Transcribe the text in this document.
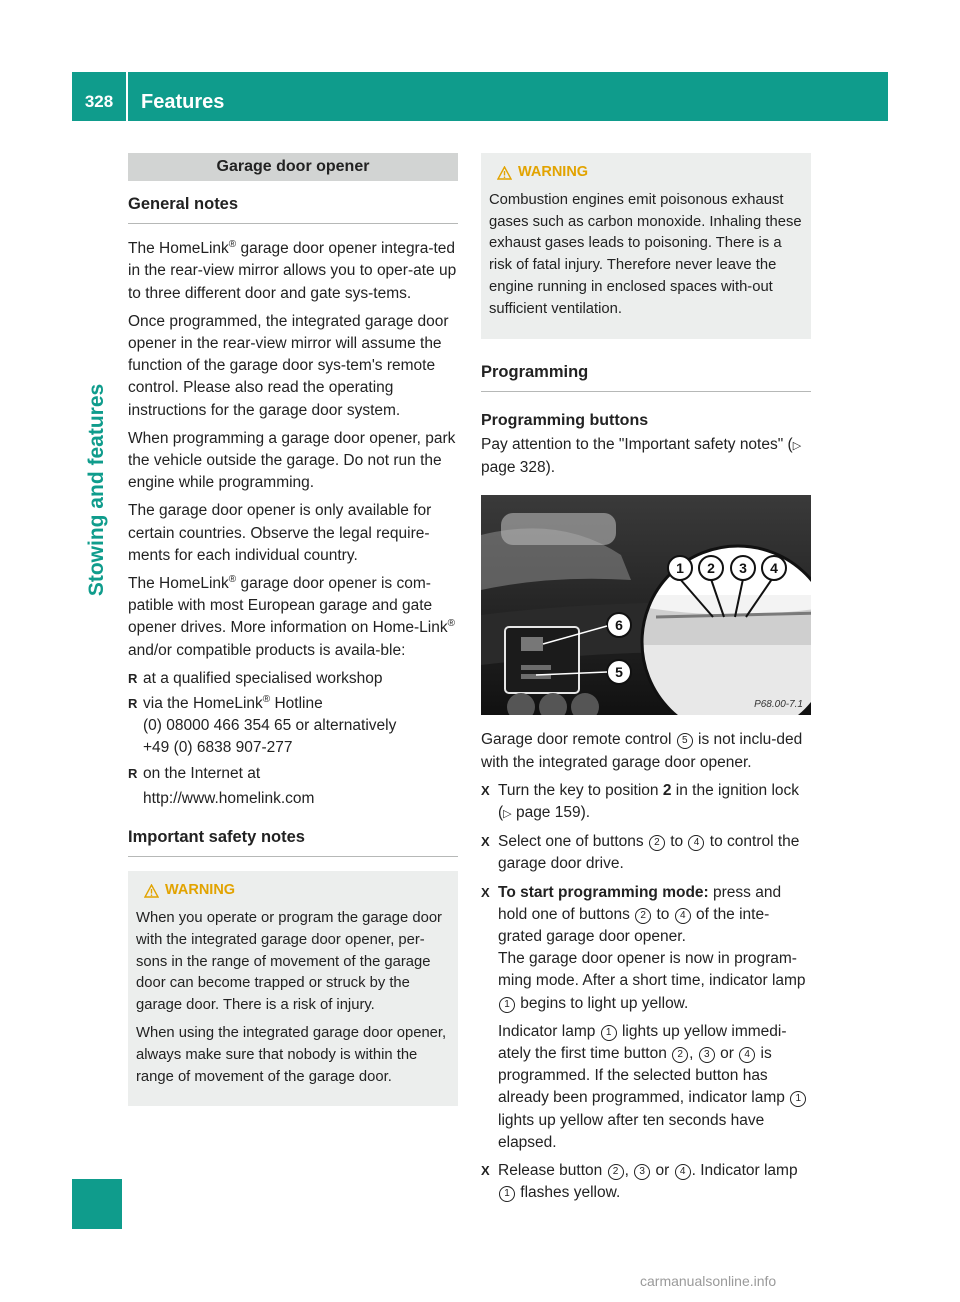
328	Features
Stowing and features
Garage door opener
General notes

The HomeLink® garage door opener integra-ted in the rear-view mirror allows you to oper-ate up to three different door and gate sys-tems.

Once programmed, the integrated garage door opener in the rear-view mirror will assume the function of the garage door sys-tem's remote control. Please also read the operating instructions for the garage door system.

When programming a garage door opener, park the vehicle outside the garage. Do not run the engine while programming.

The garage door opener is only available for certain countries. Observe the legal require-ments for each individual country.

The HomeLink® garage door opener is com-patible with most European garage and gate opener drives. More information on Home-Link® and/or compatible products is availa-ble:

R at a qualified specialised workshop
R via the HomeLink® Hotline
(0) 08000 466 354 65 or alternatively
+49 (0) 6838 907-277
R on the Internet at
http://www.homelink.com
Important safety notes
WARNING

When you operate or program the garage door with the integrated garage door opener, per-sons in the range of movement of the garage door can become trapped or struck by the garage door. There is a risk of injury.

When using the integrated garage door opener, always make sure that nobody is within the range of movement of the garage door.

WARNING

Combustion engines emit poisonous exhaust gases such as carbon monoxide. Inhaling these exhaust gases leads to poisoning. There is a risk of fatal injury. Therefore never leave the engine running in enclosed spaces with-out sufficient ventilation.

Programming
Programming buttons

Pay attention to the "Important safety notes" (▷ page 328).

1 2 3 4
5
6
P68.00-7.1

Garage door remote control 5 is not inclu-ded with the integrated garage door opener.

X Turn the key to position 2 in the ignition lock (▷ page 159).
X Select one of buttons 2 to 4 to control the garage door drive.
X To start programming mode: press and hold one of buttons 2 to 4 of the inte-grated garage door opener.
The garage door opener is now in program-ming mode. After a short time, indicator lamp 1 begins to light up yellow.
Indicator lamp 1 lights up yellow immedi-ately the first time button 2 , 3 or 4 is programmed. If the selected button has already been programmed, indicator lamp 1 lights up yellow after ten seconds have elapsed.
X Release button 2 , 3 or 4 . Indicator lamp 1 flashes yellow.
carmanualsonline.info
